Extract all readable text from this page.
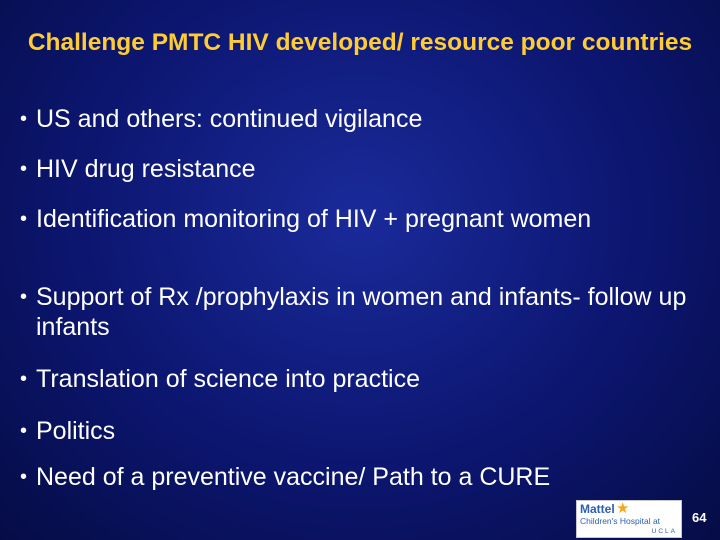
Challenge PMTC HIV developed/ resource poor countries
• US and others: continued vigilance
• HIV drug resistance
• Identification monitoring of HIV + pregnant women
• Support of Rx /prophylaxis in women and infants- follow up infants
• Translation of science into practice
• Politics
• Need of a preventive vaccine/ Path to a CURE
Mattel ★
Children's Hospital at
UCLA
64
